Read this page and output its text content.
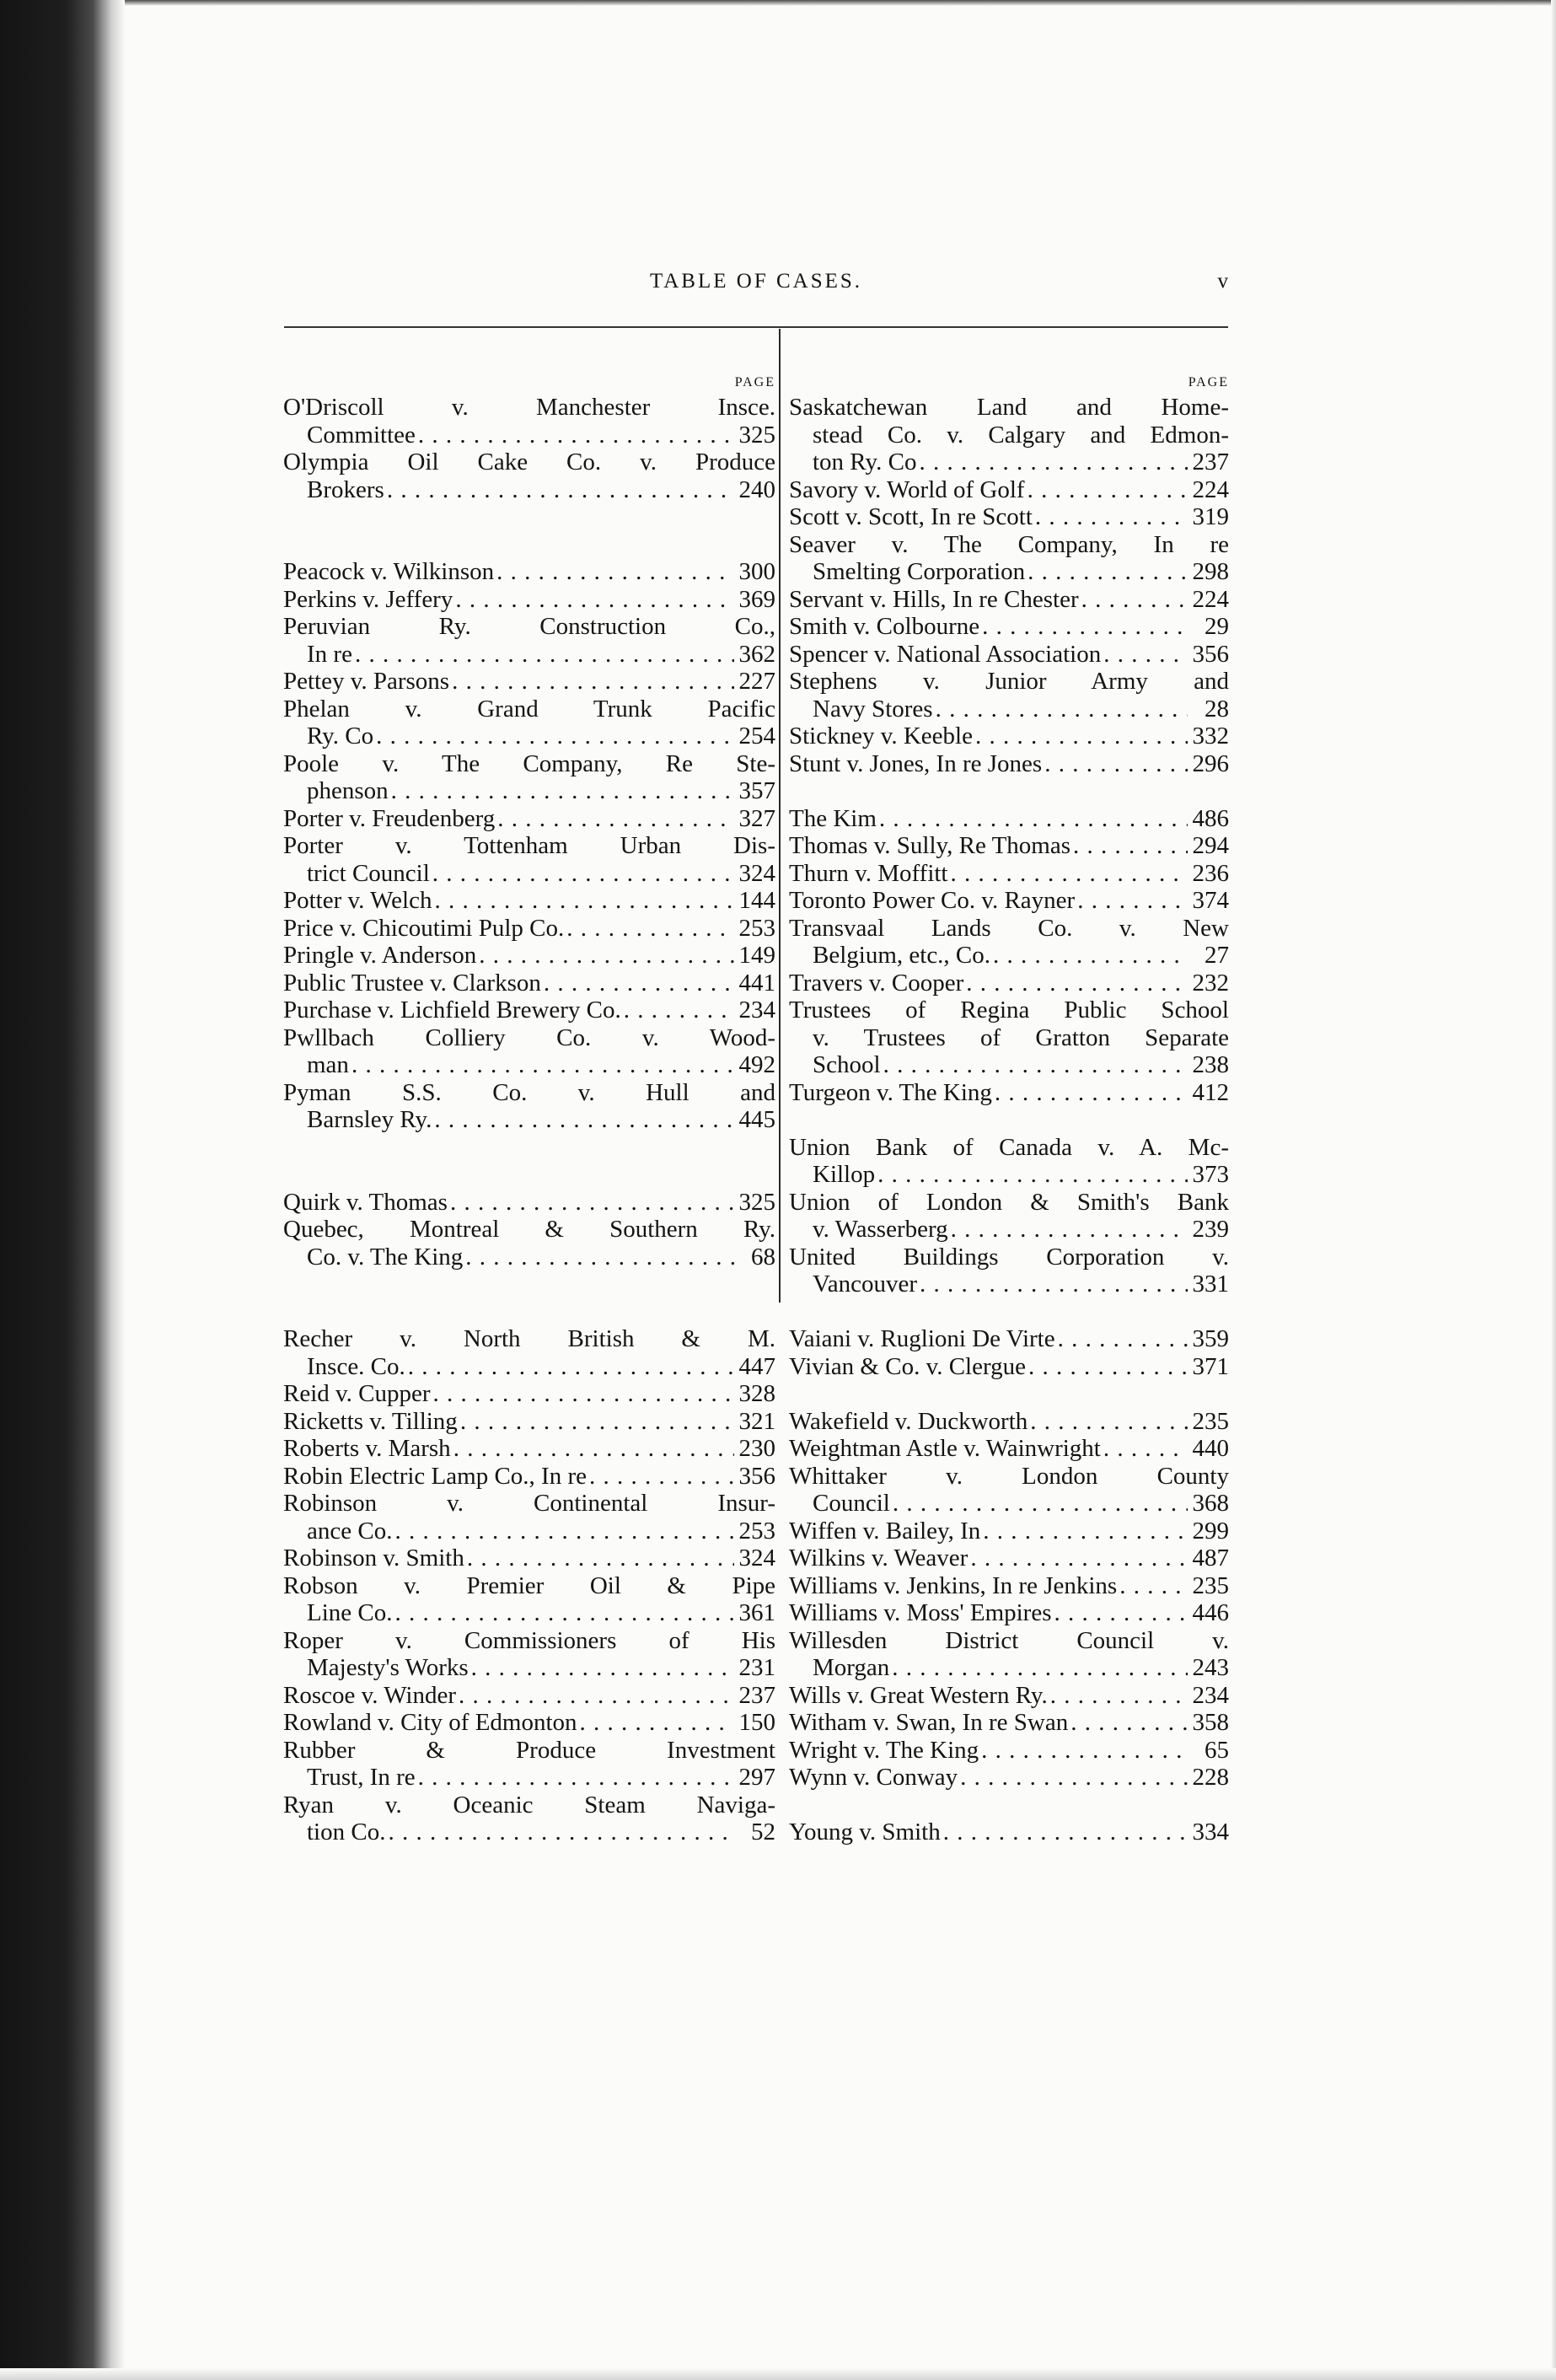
TABLE OF CASES.	v
PAGE
O'Driscoll v. Manchester Insce.
Committee . . .	325
Olympia Oil Cake Co. v. Produce
Brokers . . .	240
Peacock v. Wilkinson . . .	300
Perkins v. Jeffery . . .	369
Peruvian Ry. Construction Co.,
In re . . .	362
Pettey v. Parsons . . .	227
Phelan v. Grand Trunk Pacific
Ry. Co . . .	254
Poole v. The Company, Re Ste-
phenson . . .	357
Porter v. Freudenberg . . .	327
Porter v. Tottenham Urban Dis-
trict Council . . .	324
Potter v. Welch . . .	144
Price v. Chicoutimi Pulp Co. . . .	253
Pringle v. Anderson . . .	149
Public Trustee v. Clarkson . . .	441
Purchase v. Lichfield Brewery Co. . . .	234
Pwllbach Colliery Co. v. Wood-
man . . .	492
Pyman S.S. Co. v. Hull and
Barnsley Ry. . . .	445
Quirk v. Thomas . . .	325
Quebec, Montreal & Southern Ry.
Co. v. The King . . .	68
Recher v. North British & M.
Insce. Co. . . .	447
Reid v. Cupper . . .	328
Ricketts v. Tilling . . .	321
Roberts v. Marsh . . .	230
Robin Electric Lamp Co., In re . . .	356
Robinson v. Continental Insur-
ance Co. . . .	253
Robinson v. Smith . . .	324
Robson v. Premier Oil & Pipe
Line Co. . . .	361
Roper v. Commissioners of His
Majesty's Works . . .	231
Roscoe v. Winder . . .	237
Rowland v. City of Edmonton . . .	150
Rubber & Produce Investment
Trust, In re . . .	297
Ryan v. Oceanic Steam Naviga-
tion Co. . . .	52
PAGE
Saskatchewan Land and Home-
stead Co. v. Calgary and Edmon-
ton Ry. Co . . .	237
Savory v. World of Golf . . .	224
Scott v. Scott, In re Scott . . .	319
Seaver v. The Company, In re
Smelting Corporation . . .	298
Servant v. Hills, In re Chester . . .	224
Smith v. Colbourne . . .	29
Spencer v. National Association . . .	356
Stephens v. Junior Army and
Navy Stores . . .	28
Stickney v. Keeble . . .	332
Stunt v. Jones, In re Jones . . .	296
The Kim . . .	486
Thomas v. Sully, Re Thomas . . .	294
Thurn v. Moffitt . . .	236
Toronto Power Co. v. Rayner . . .	374
Transvaal Lands Co. v. New
Belgium, etc., Co. . . .	27
Travers v. Cooper . . .	232
Trustees of Regina Public School
v. Trustees of Gratton Separate
School . . .	238
Turgeon v. The King . . .	412
Union Bank of Canada v. A. Mc-
Killop . . .	373
Union of London & Smith's Bank
v. Wasserberg . . .	239
United Buildings Corporation v.
Vancouver . . .	331
Vaiani v. Ruglioni De Virte . . .	359
Vivian & Co. v. Clergue . . .	371
Wakefield v. Duckworth . . .	235
Weightman Astle v. Wainwright . . .	440
Whittaker v. London County
Council . . .	368
Wiffen v. Bailey, In . . .	299
Wilkins v. Weaver . . .	487
Williams v. Jenkins, In re Jenkins . . .	235
Williams v. Moss' Empires . . .	446
Willesden District Council v.
Morgan . . .	243
Wills v. Great Western Ry. . . .	234
Witham v. Swan, In re Swan . . .	358
Wright v. The King . . .	65
Wynn v. Conway . . .	228
Young v. Smith . . .	334
